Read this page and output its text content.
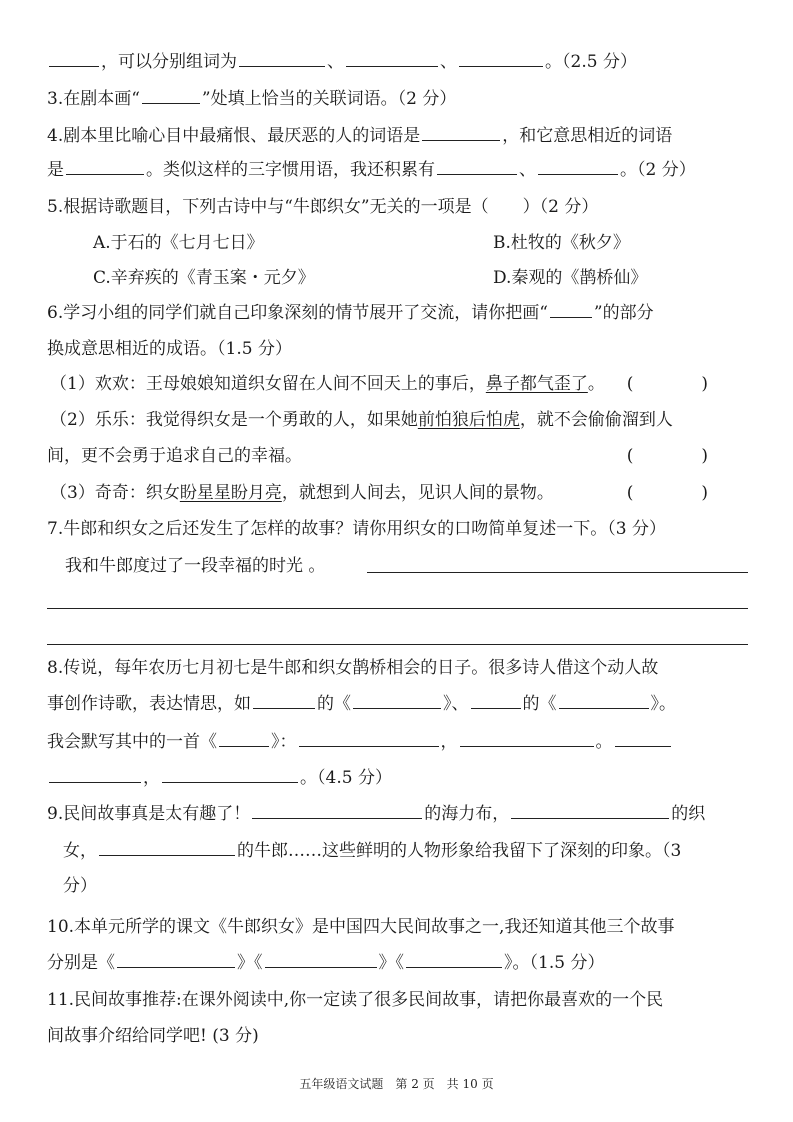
，可以分别组词为	、	、	。（2.5 分）
3.在剧本画“	”处填上恰当的关联词语。（2 分）
4.剧本里比喻心目中最痛恨、最厌恶的人的词语是	，和它意思相近的词语
是	。类似这样的三字惯用语，我还积累有	、	。（2 分）
5.根据诗歌题目，下列古诗中与“牛郎织女”无关的一项是（　　）（2 分）
A.于石的《七月七日》	B.杜牧的《秋夕》
C.辛弃疾的《青玉案・元夕》	D.秦观的《鹊桥仙》
6.学习小组的同学们就自己印象深刻的情节展开了交流，请你把画“	”的部分
换成意思相近的成语。（1.5 分）
（1）欢欢：王母娘娘知道织女留在人间不回天上的事后，鼻子都气歪了。 (　　　　)
（2）乐乐：我觉得织女是一个勇敢的人，如果她前怕狼后怕虎，就不会偷偷溜到人
间，更不会勇于追求自己的幸福。	(　　　　)
（3）奇奇：织女盼星星盼月亮，就想到人间去，见识人间的景物。	(　　　　)
7.牛郎和织女之后还发生了怎样的故事？请你用织女的口吻简单复述一下。（3 分）
我和牛郎度过了一段幸福的时光 。
8.传说，每年农历七月初七是牛郎和织女鹊桥相会的日子。很多诗人借这个动人故
事创作诗歌，表达情思，如	的《	》、	的《	》。
我会默写其中的一首《	》：	，	。
，	。（4.5 分）
9.民间故事真是太有趣了！	的海力布，	的织
女，	的牛郎……这些鲜明的人物形象给我留下了深刻的印象。（3
分）
10.本单元所学的课文《牛郎织女》是中国四大民间故事之一,我还知道其他三个故事
分别是《	》《	》《	》。（1.5 分）
11.民间故事推荐:在课外阅读中,你一定读了很多民间故事，请把你最喜欢的一个民
间故事介绍给同学吧! (3 分)
五年级语文试题　第 2 页　共 10 页
